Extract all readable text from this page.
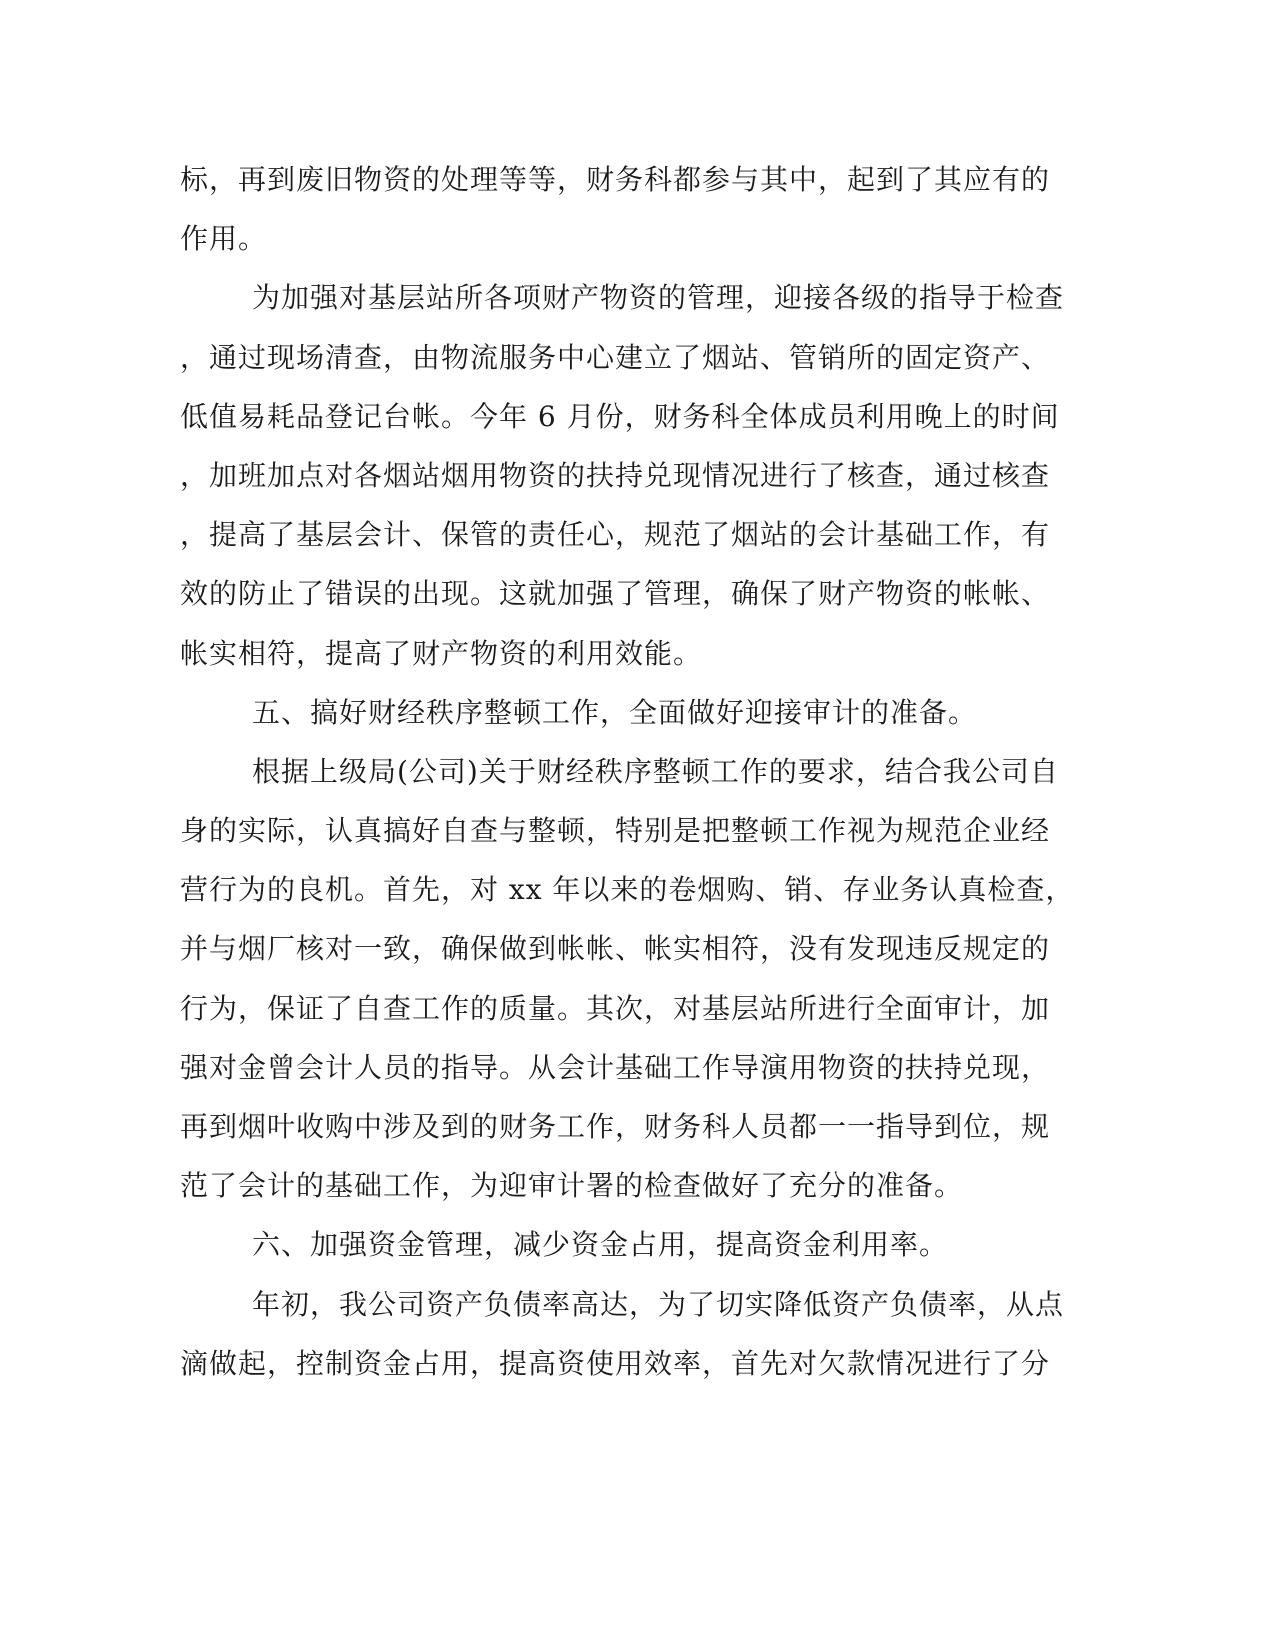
标，再到废旧物资的处理等等，财务科都参与其中，起到了其应有的
作用。
为加强对基层站所各项财产物资的管理，迎接各级的指导于检查
，通过现场清查，由物流服务中心建立了烟站、管销所的固定资产、
低值易耗品登记台帐。今年 6 月份，财务科全体成员利用晚上的时间
，加班加点对各烟站烟用物资的扶持兑现情况进行了核查，通过核查
，提高了基层会计、保管的责任心，规范了烟站的会计基础工作，有
效的防止了错误的出现。这就加强了管理，确保了财产物资的帐帐、
帐实相符，提高了财产物资的利用效能。
五、搞好财经秩序整顿工作，全面做好迎接审计的准备。
根据上级局(公司)关于财经秩序整顿工作的要求，结合我公司自
身的实际，认真搞好自查与整顿，特别是把整顿工作视为规范企业经
营行为的良机。首先，对 xx 年以来的卷烟购、销、存业务认真检查，
并与烟厂核对一致，确保做到帐帐、帐实相符，没有发现违反规定的
行为，保证了自查工作的质量。其次，对基层站所进行全面审计，加
强对金曾会计人员的指导。从会计基础工作导演用物资的扶持兑现，
再到烟叶收购中涉及到的财务工作，财务科人员都一一指导到位，规
范了会计的基础工作，为迎审计署的检查做好了充分的准备。
六、加强资金管理，减少资金占用，提高资金利用率。
年初，我公司资产负债率高达，为了切实降低资产负债率，从点
滴做起，控制资金占用，提高资使用效率，首先对欠款情况进行了分
